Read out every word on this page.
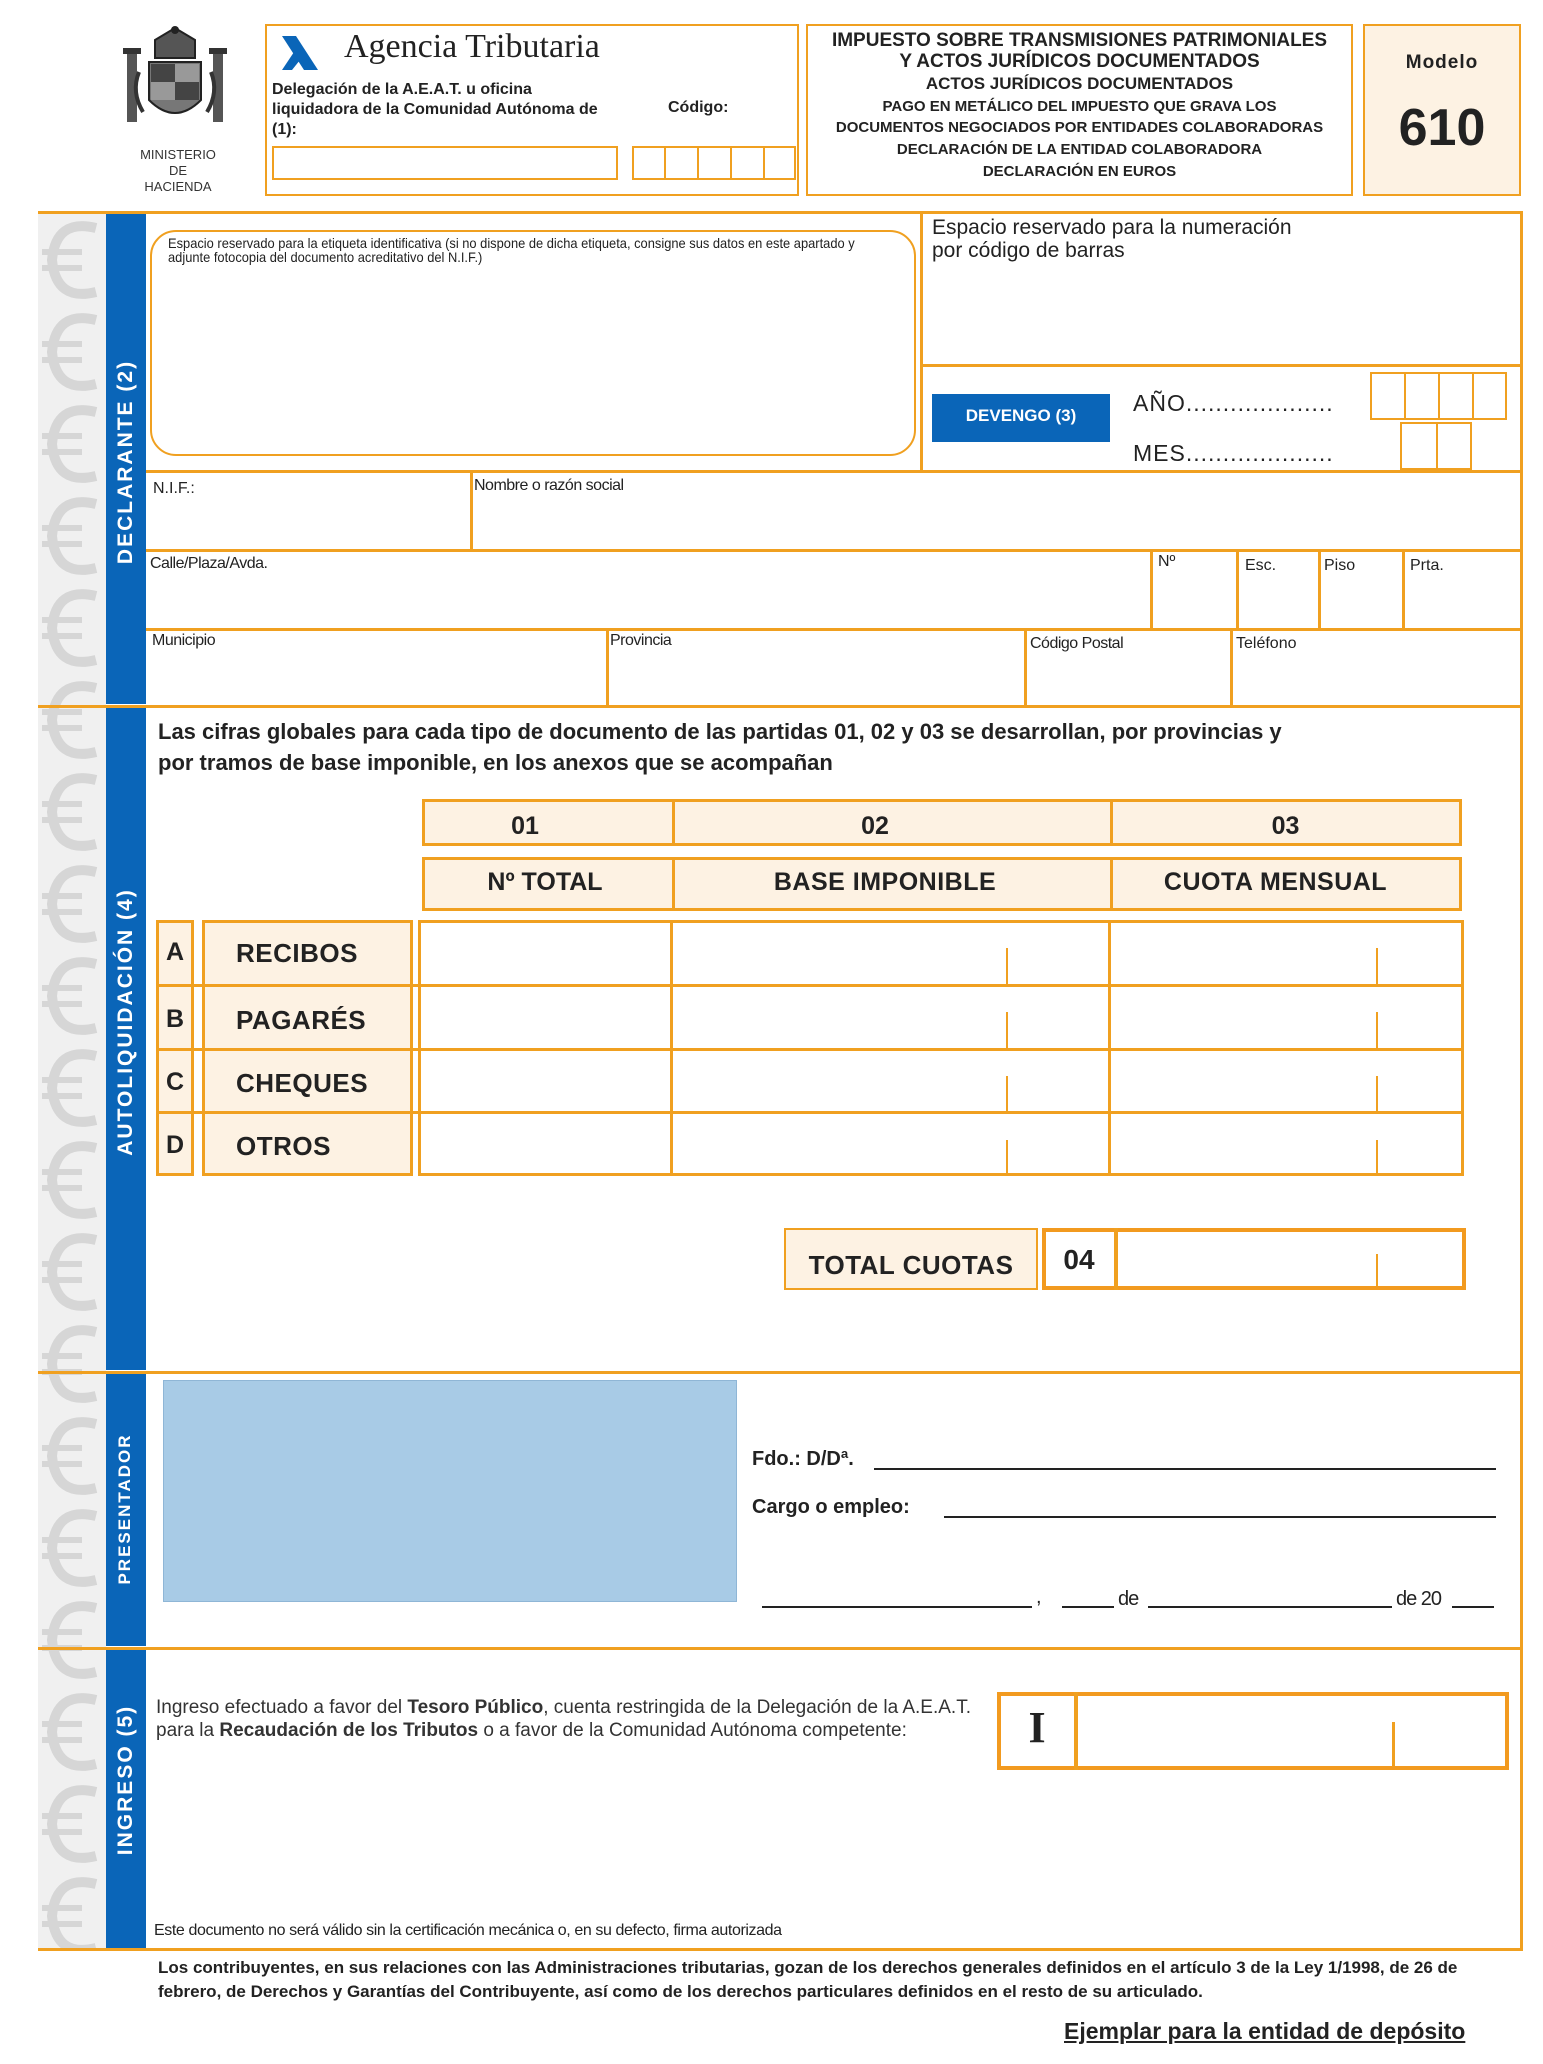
MINISTERIO
DE
HACIENDA
Agencia Tributaria
Delegación de la A.E.A.T. u oficina liquidadora de la Comunidad Autónoma de (1):
Código:
IMPUESTO SOBRE TRANSMISIONES PATRIMONIALES
Y ACTOS JURÍDICOS DOCUMENTADOS
ACTOS JURÍDICOS DOCUMENTADOS
PAGO EN METÁLICO DEL IMPUESTO QUE GRAVA LOS
DOCUMENTOS NEGOCIADOS POR ENTIDADES COLABORADORAS
DECLARACIÓN DE LA ENTIDAD COLABORADORA
DECLARACIÓN EN EUROS
Modelo
610
DECLARANTE (2)
AUTOLIQUIDACIÓN (4)
PRESENTADOR
INGRESO (5)
Espacio reservado para la etiqueta identificativa (si no dispone de dicha etiqueta, consigne sus datos en este apartado y adjunte fotocopia del documento acreditativo del N.I.F.)
Espacio reservado para la numeración
por código de barras
DEVENGO (3)	AÑO....................
MES....................
N.I.F.:	Nombre o razón social
Calle/Plaza/Avda.	Nº	Esc.	Piso	Prta.
Municipio	Provincia	Código Postal	Teléfono
Las cifras globales para cada tipo de documento de las partidas 01, 02 y 03 se desarrollan, por provincias y
por tramos de base imponible, en los anexos que se acompañan
01	02	03
Nº TOTAL	BASE IMPONIBLE	CUOTA MENSUAL
A	RECIBOS
B	PAGARÉS
C	CHEQUES
D	OTROS
TOTAL CUOTAS	04
Fdo.: D/Dª.
Cargo o empleo:
,	de	de 20
Ingreso efectuado a favor del Tesoro Público, cuenta restringida de la Delegación de la A.E.A.T. para la Recaudación de los Tributos o a favor de la Comunidad Autónoma competente:	I
Este documento no será válido sin la certificación mecánica o, en su defecto, firma autorizada
Los contribuyentes, en sus relaciones con las Administraciones tributarias, gozan de los derechos generales definidos en el artículo 3 de la Ley 1/1998, de 26 de febrero, de Derechos y Garantías del Contribuyente, así como de los derechos particulares definidos en el resto de su articulado.
Ejemplar para la entidad de depósito
